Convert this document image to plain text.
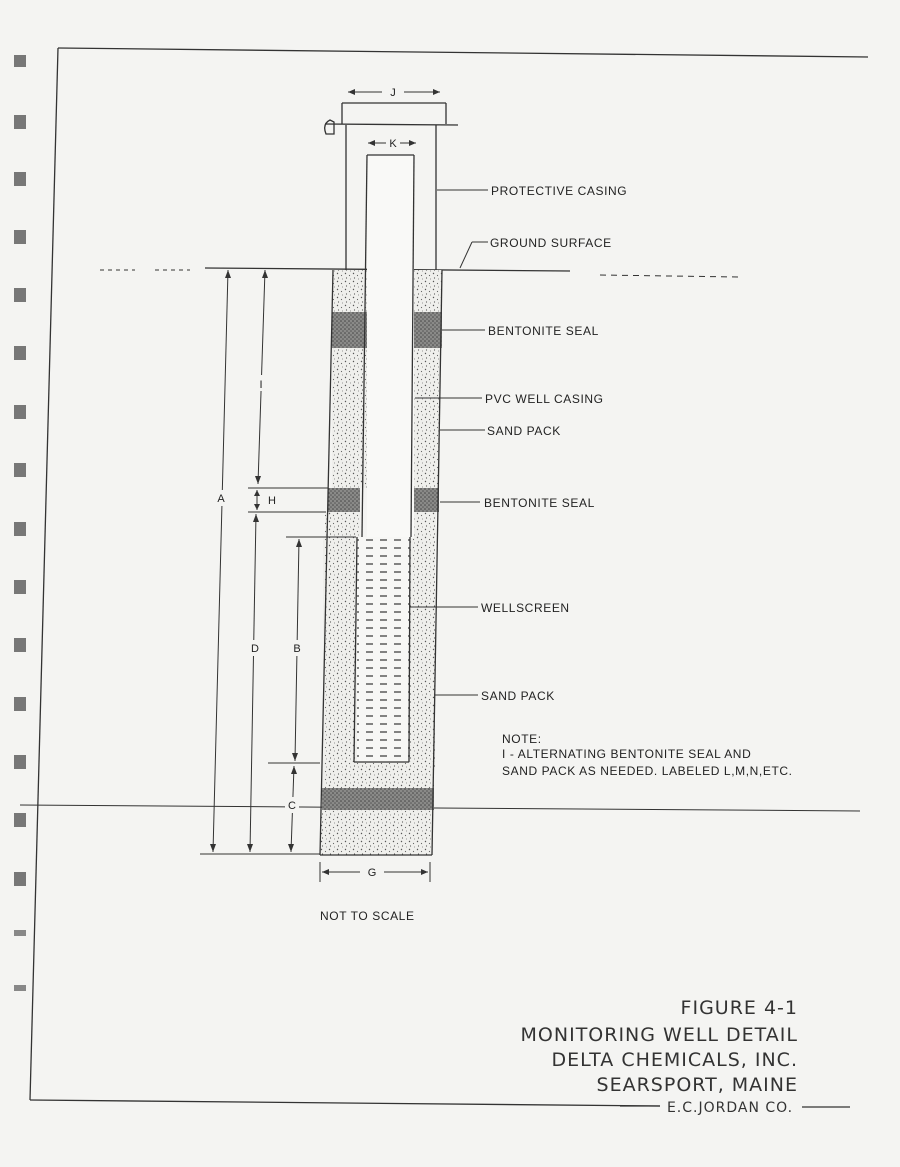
J
K
A
I
H
D	B
C
G
PROTECTIVE CASING
GROUND SURFACE
BENTONITE SEAL
PVC WELL CASING
SAND PACK
BENTONITE SEAL
WELLSCREEN
SAND PACK
NOTE:
I - ALTERNATING BENTONITE SEAL AND
SAND PACK AS NEEDED. LABELED L,M,N,ETC.
NOT TO SCALE
FIGURE 4-1
MONITORING WELL DETAIL
DELTA CHEMICALS, INC.
SEARSPORT, MAINE
E.C.JORDAN CO.
